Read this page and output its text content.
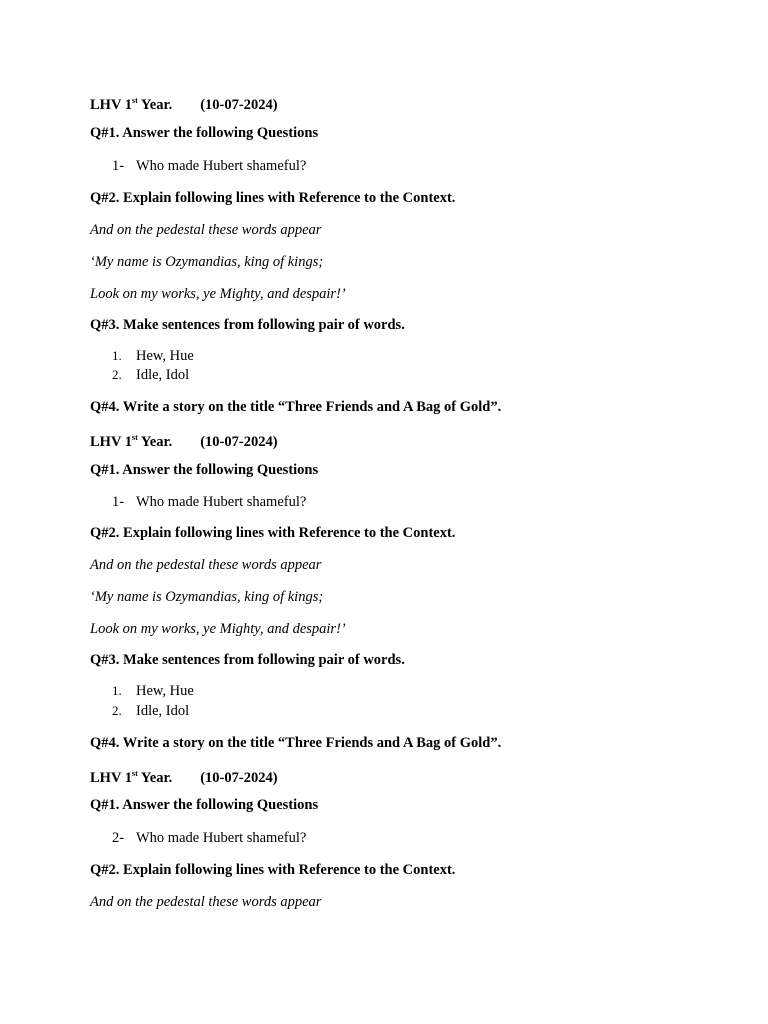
LHV 1st Year. (10-07-2024)
Q#1. Answer the following Questions
1- Who made Hubert shameful?
Q#2. Explain following lines with Reference to the Context.
And on the pedestal these words appear
‘My name is Ozymandias, king of kings;
Look on my works, ye Mighty, and despair!’
Q#3. Make sentences from following pair of words.
1. Hew, Hue
2. Idle, Idol
Q#4. Write a story on the title “Three Friends and A Bag of Gold”.
LHV 1st Year. (10-07-2024)
Q#1. Answer the following Questions
1- Who made Hubert shameful?
Q#2. Explain following lines with Reference to the Context.
And on the pedestal these words appear
‘My name is Ozymandias, king of kings;
Look on my works, ye Mighty, and despair!’
Q#3. Make sentences from following pair of words.
1. Hew, Hue
2. Idle, Idol
Q#4. Write a story on the title “Three Friends and A Bag of Gold”.
LHV 1st Year. (10-07-2024)
Q#1. Answer the following Questions
2- Who made Hubert shameful?
Q#2. Explain following lines with Reference to the Context.
And on the pedestal these words appear
